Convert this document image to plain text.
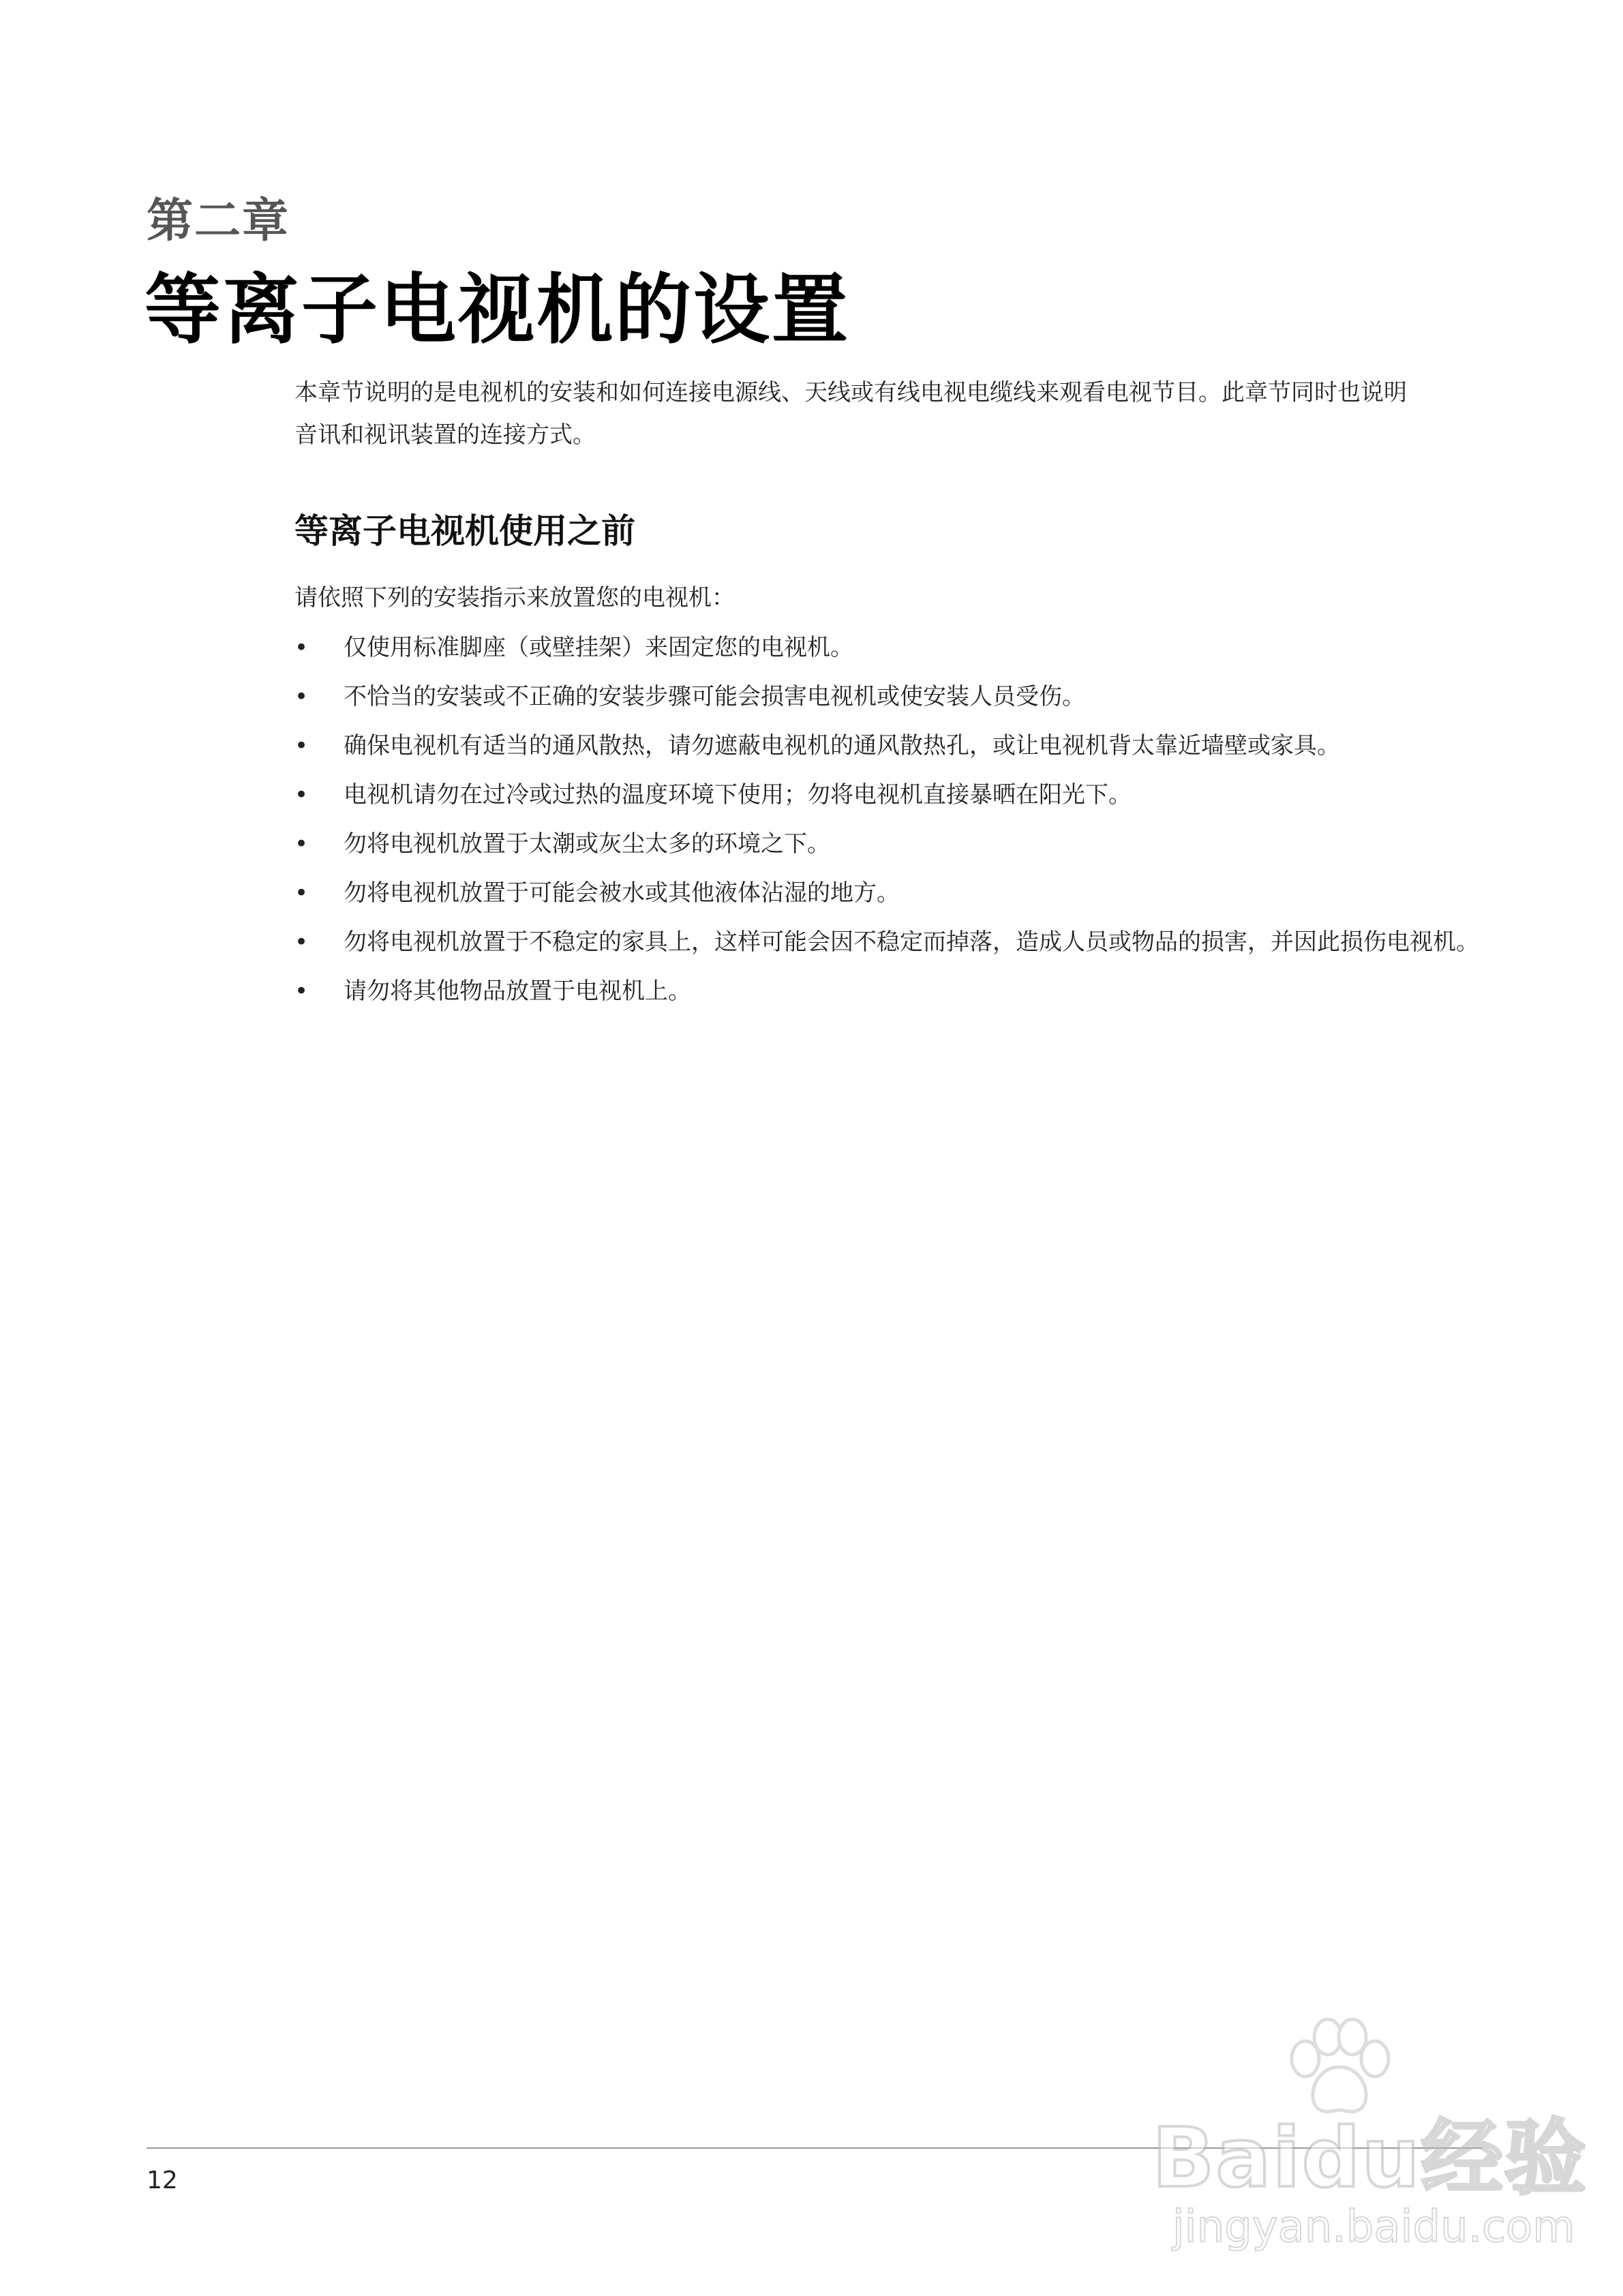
第二章
等离子电视机的设置

本章节说明的是电视机的安装和如何连接电源线、天线或有线电视电缆线来观看电视节目。此章节同时也说明
音讯和视讯装置的连接方式。

等离子电视机使用之前

请依照下列的安装指示来放置您的电视机：

• 仅使用标准脚座（或壁挂架）来固定您的电视机。
• 不恰当的安装或不正确的安装步骤可能会损害电视机或使安装人员受伤。
• 确保电视机有适当的通风散热，请勿遮蔽电视机的通风散热孔，或让电视机背太靠近墙壁或家具。
• 电视机请勿在过冷或过热的温度环境下使用；勿将电视机直接暴晒在阳光下。
• 勿将电视机放置于太潮或灰尘太多的环境之下。
• 勿将电视机放置于可能会被水或其他液体沾湿的地方。
• 勿将电视机放置于不稳定的家具上，这样可能会因不稳定而掉落，造成人员或物品的损害，并因此损伤电视机。
• 请勿将其他物品放置于电视机上。
12	Baidu经验
jingyan.baidu.com
